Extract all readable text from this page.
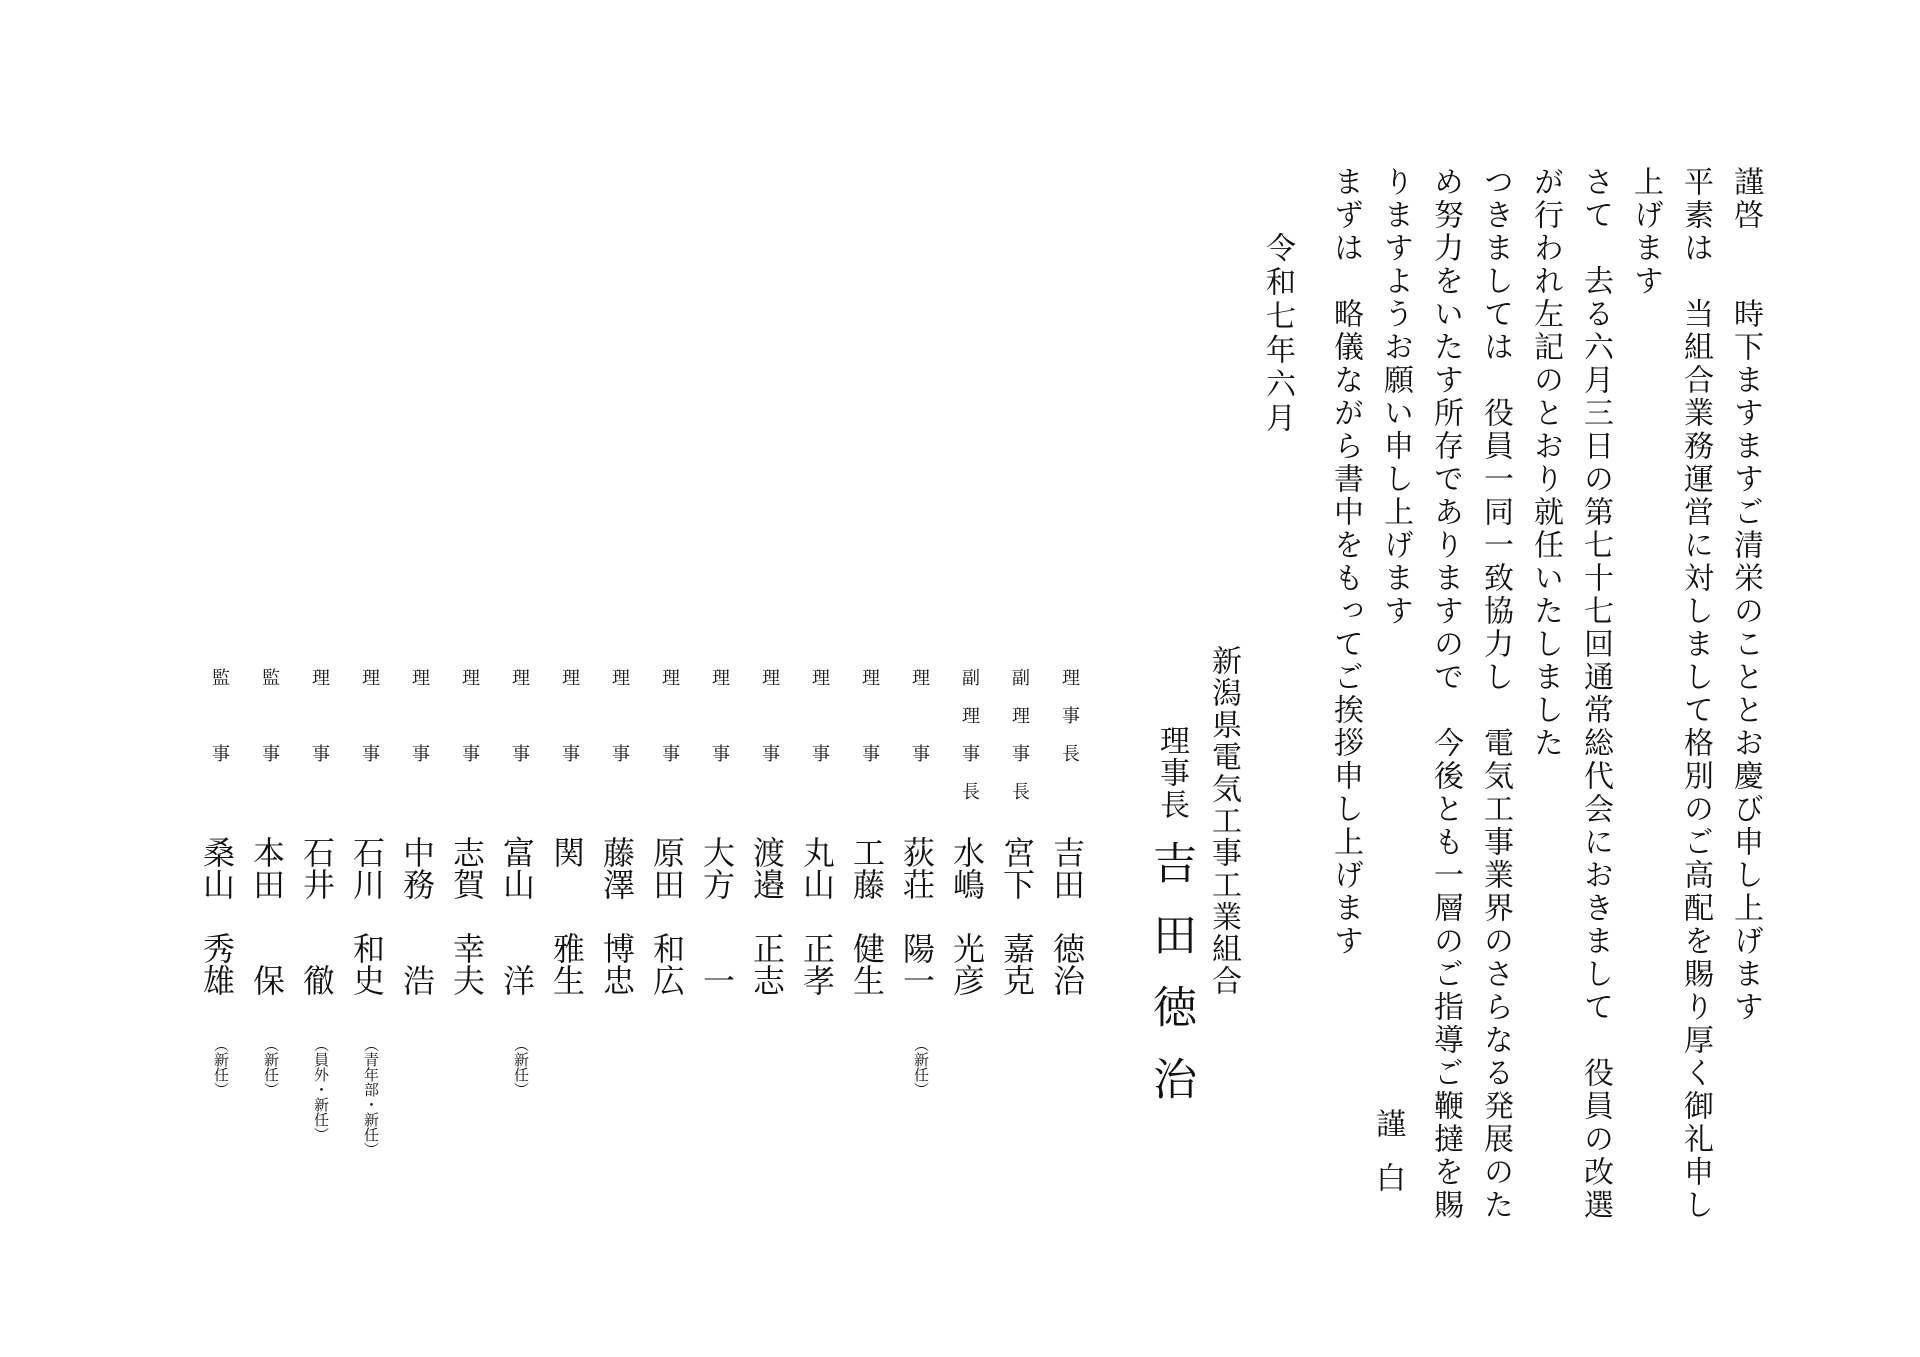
謹啓　　時下ますますご清栄のこととお慶び申し上げます
平素は　当組合業務運営に対しまして格別のご高配を賜り厚く御礼申し
上げます
さて　去る六月三日の第七十七回通常総代会におきまして　役員の改選
が行われ左記のとおり就任いたしました
つきましては　役員一同一致協力し　電気工事業界のさらなる発展のた
め努力をいたす所存でありますので　今後とも一層のご指導ご鞭撻を賜
りますようお願い申し上げます
まずは　略儀ながら書中をもってご挨拶申し上げます
謹白
令和七年六月
新潟県電気工事工業組合
理事長
吉田徳治
理事長
吉田　徳治
副理事長
宮下　嘉克
副理事長
水嶋　光彦
理　事
荻荘　陽一
（新任）
理　事
工藤　健生
理　事
丸山　正孝
理　事
渡邉　正志
理　事
大方　　一
理　事
原田　和広
理　事
藤澤　博忠
理　事
関　　雅生
理　事
富山　　洋
（新任）
理　事
志賀　幸夫
理　事
中務　　浩
理　事
石川　和史
（青年部・新任）
理　事
石井　　徹
（員外・新任）
監　事
本田　　保
（新任）
監　事
桑山　秀雄
（新任）
